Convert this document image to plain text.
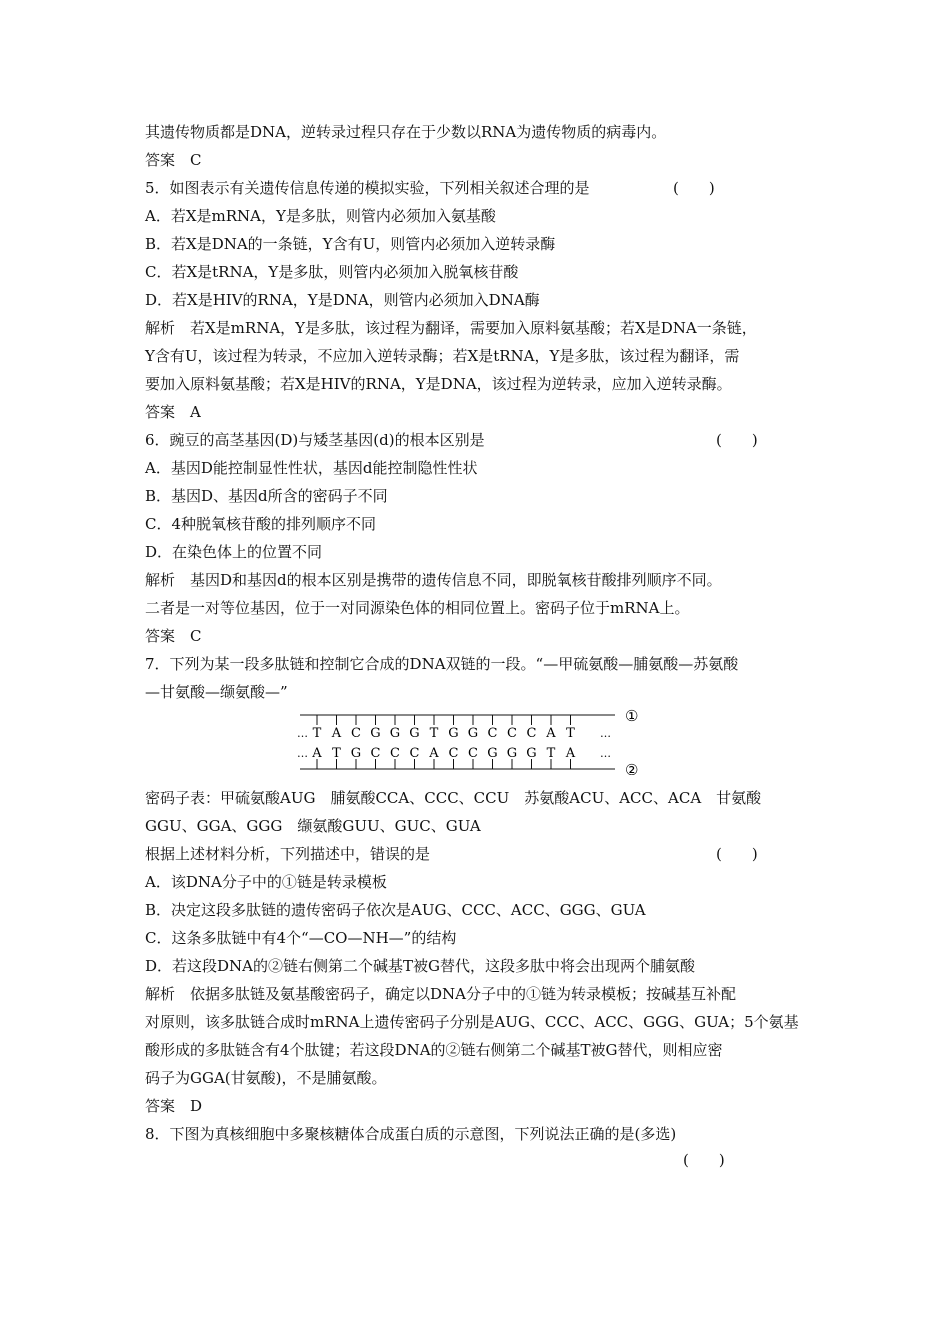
其遗传物质都是DNA，逆转录过程只存在于少数以RNA为遗传物质的病毒内。
答案　C
5．如图表示有关遗传信息传递的模拟实验，下列相关叙述合理的是	(　　)
A．若X是mRNA，Y是多肽，则管内必须加入氨基酸
B．若X是DNA的一条链，Y含有U，则管内必须加入逆转录酶
C．若X是tRNA，Y是多肽，则管内必须加入脱氧核苷酸
D．若X是HIV的RNA，Y是DNA，则管内必须加入DNA酶
解析　若X是mRNA，Y是多肽，该过程为翻译，需要加入原料氨基酸；若X是DNA一条链，
Y含有U，该过程为转录，不应加入逆转录酶；若X是tRNA，Y是多肽，该过程为翻译，需
要加入原料氨基酸；若X是HIV的RNA，Y是DNA，该过程为逆转录，应加入逆转录酶。
答案　A
6．豌豆的高茎基因(D)与矮茎基因(d)的根本区别是	(　　)
A．基因D能控制显性性状，基因d能控制隐性性状
B．基因D、基因d所含的密码子不同
C．4种脱氧核苷酸的排列顺序不同
D．在染色体上的位置不同
解析　基因D和基因d的根本区别是携带的遗传信息不同，即脱氧核苷酸排列顺序不同。
二者是一对等位基因，位于一对同源染色体的相同位置上。密码子位于mRNA上。
答案　C
7．下列为某一段多肽链和控制它合成的DNA双链的一段。“—甲硫氨酸—脯氨酸—苏氨酸
—甘氨酸—缬氨酸—”
T A C G G G T G G C C C A T
A T G C C C A C C G G G T A
…	…
…	…
①
②
密码子表：甲硫氨酸AUG　脯氨酸CCA、CCC、CCU　苏氨酸ACU、ACC、ACA　甘氨酸
GGU、GGA、GGG　缬氨酸GUU、GUC、GUA
根据上述材料分析，下列描述中，错误的是	(　　)
A．该DNA分子中的①链是转录模板
B．决定这段多肽链的遗传密码子依次是AUG、CCC、ACC、GGG、GUA
C．这条多肽链中有4个“—CO—NH—”的结构
D．若这段DNA的②链右侧第二个碱基T被G替代，这段多肽中将会出现两个脯氨酸
解析　依据多肽链及氨基酸密码子，确定以DNA分子中的①链为转录模板；按碱基互补配
对原则，该多肽链合成时mRNA上遗传密码子分别是AUG、CCC、ACC、GGG、GUA；5个氨基
酸形成的多肽链含有4个肽键；若这段DNA的②链右侧第二个碱基T被G替代，则相应密
码子为GGA(甘氨酸)，不是脯氨酸。
答案　D
8．下图为真核细胞中多聚核糖体合成蛋白质的示意图，下列说法正确的是(多选)
(　　)
